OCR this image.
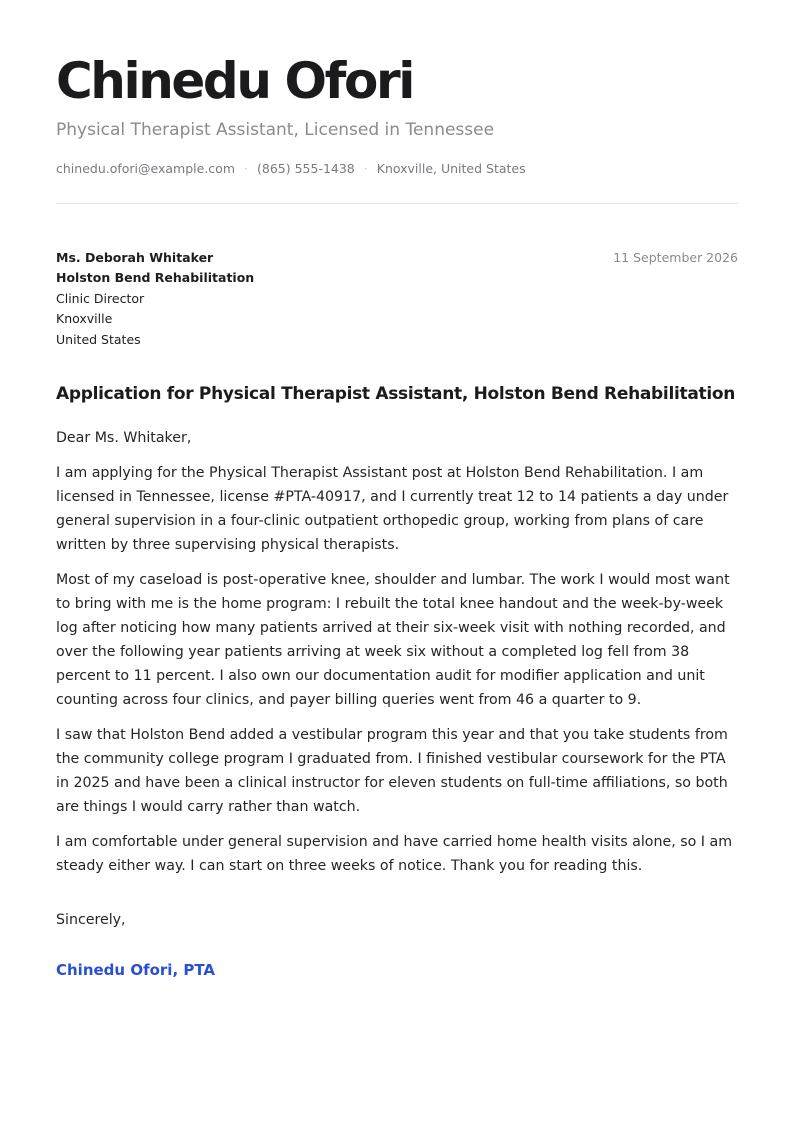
Chinedu Ofori
Physical Therapist Assistant, Licensed in Tennessee
chinedu.ofori@example.com · (865) 555-1438 · Knoxville, United States
Ms. Deborah Whitaker
Holston Bend Rehabilitation
Clinic Director
Knoxville
United States
11 September 2026
Application for Physical Therapist Assistant, Holston Bend Rehabilitation

Dear Ms. Whitaker,

I am applying for the Physical Therapist Assistant post at Holston Bend Rehabilitation. I am licensed in Tennessee, license #PTA-40917, and I currently treat 12 to 14 patients a day under general supervision in a four-clinic outpatient orthopedic group, working from plans of care written by three supervising physical therapists.

Most of my caseload is post-operative knee, shoulder and lumbar. The work I would most want to bring with me is the home program: I rebuilt the total knee handout and the week-by-week log after noticing how many patients arrived at their six-week visit with nothing recorded, and over the following year patients arriving at week six without a completed log fell from 38 percent to 11 percent. I also own our documentation audit for modifier application and unit counting across four clinics, and payer billing queries went from 46 a quarter to 9.

I saw that Holston Bend added a vestibular program this year and that you take students from the community college program I graduated from. I finished vestibular coursework for the PTA in 2025 and have been a clinical instructor for eleven students on full-time affiliations, so both are things I would carry rather than watch.

I am comfortable under general supervision and have carried home health visits alone, so I am steady either way. I can start on three weeks of notice. Thank you for reading this.

Sincerely,
Chinedu Ofori, PTA
